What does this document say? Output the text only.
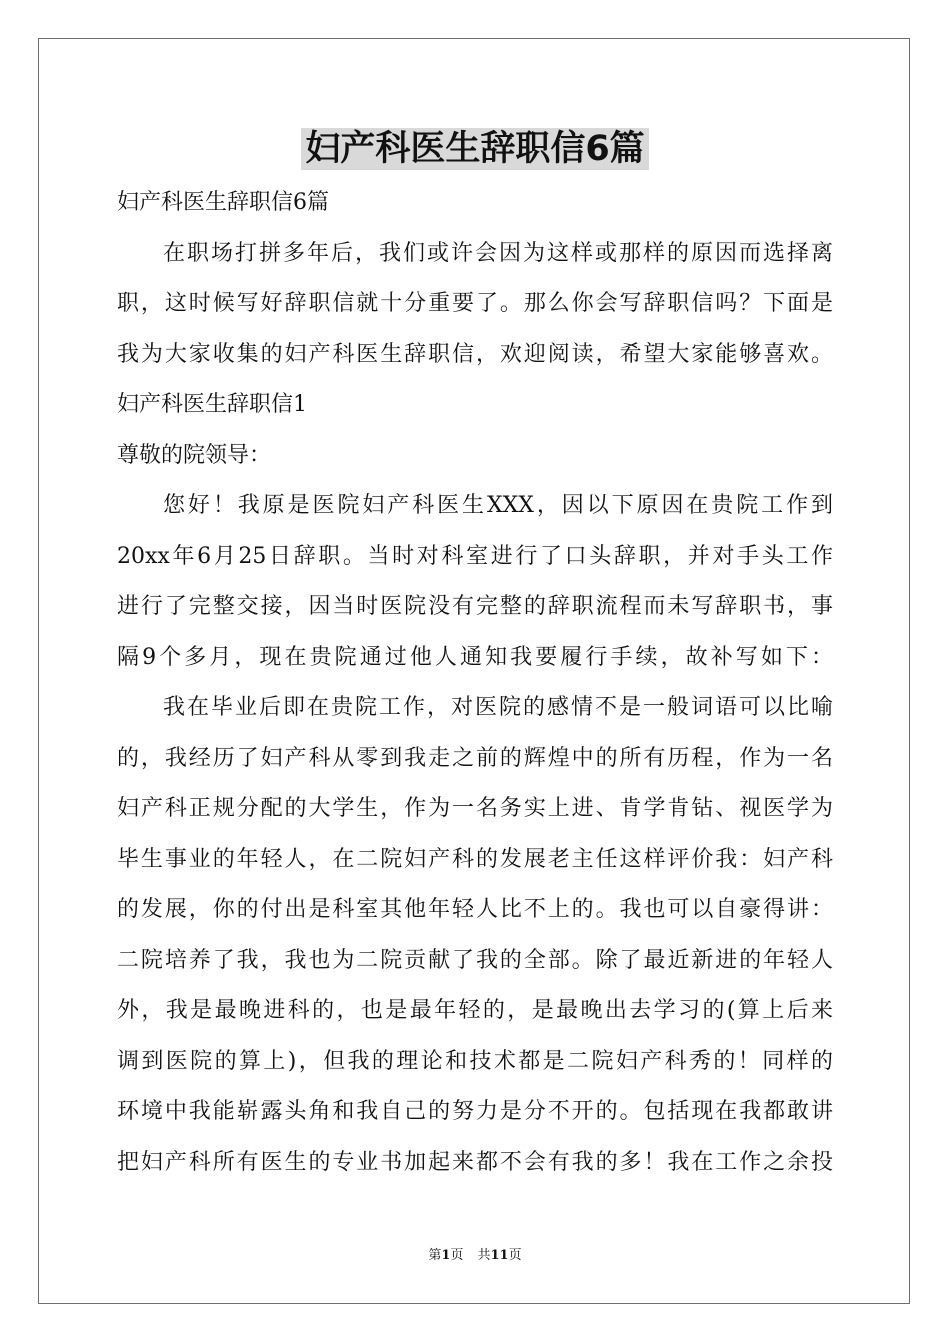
妇产科医生辞职信6篇
妇产科医生辞职信6篇
在职场打拼多年后，我们或许会因为这样或那样的原因而选择离
职，这时候写好辞职信就十分重要了。那么你会写辞职信吗？下面是
我为大家收集的妇产科医生辞职信，欢迎阅读，希望大家能够喜欢。
妇产科医生辞职信1
尊敬的院领导：
您好！我原是医院妇产科医生XXX，因以下原因在贵院工作到
20xx年6月25日辞职。当时对科室进行了口头辞职，并对手头工作
进行了完整交接，因当时医院没有完整的辞职流程而未写辞职书，事
隔9个多月，现在贵院通过他人通知我要履行手续，故补写如下：
我在毕业后即在贵院工作，对医院的感情不是一般词语可以比喻
的，我经历了妇产科从零到我走之前的辉煌中的所有历程，作为一名
妇产科正规分配的大学生，作为一名务实上进、肯学肯钻、视医学为
毕生事业的年轻人，在二院妇产科的发展老主任这样评价我：妇产科
的发展，你的付出是科室其他年轻人比不上的。我也可以自豪得讲：
二院培养了我，我也为二院贡献了我的全部。除了最近新进的年轻人
外，我是最晚进科的，也是最年轻的，是最晚出去学习的(算上后来
调到医院的算上)，但我的理论和技术都是二院妇产科秀的！同样的
环境中我能崭露头角和我自己的努力是分不开的。包括现在我都敢讲
把妇产科所有医生的专业书加起来都不会有我的多！我在工作之余投
第1页 共11页
